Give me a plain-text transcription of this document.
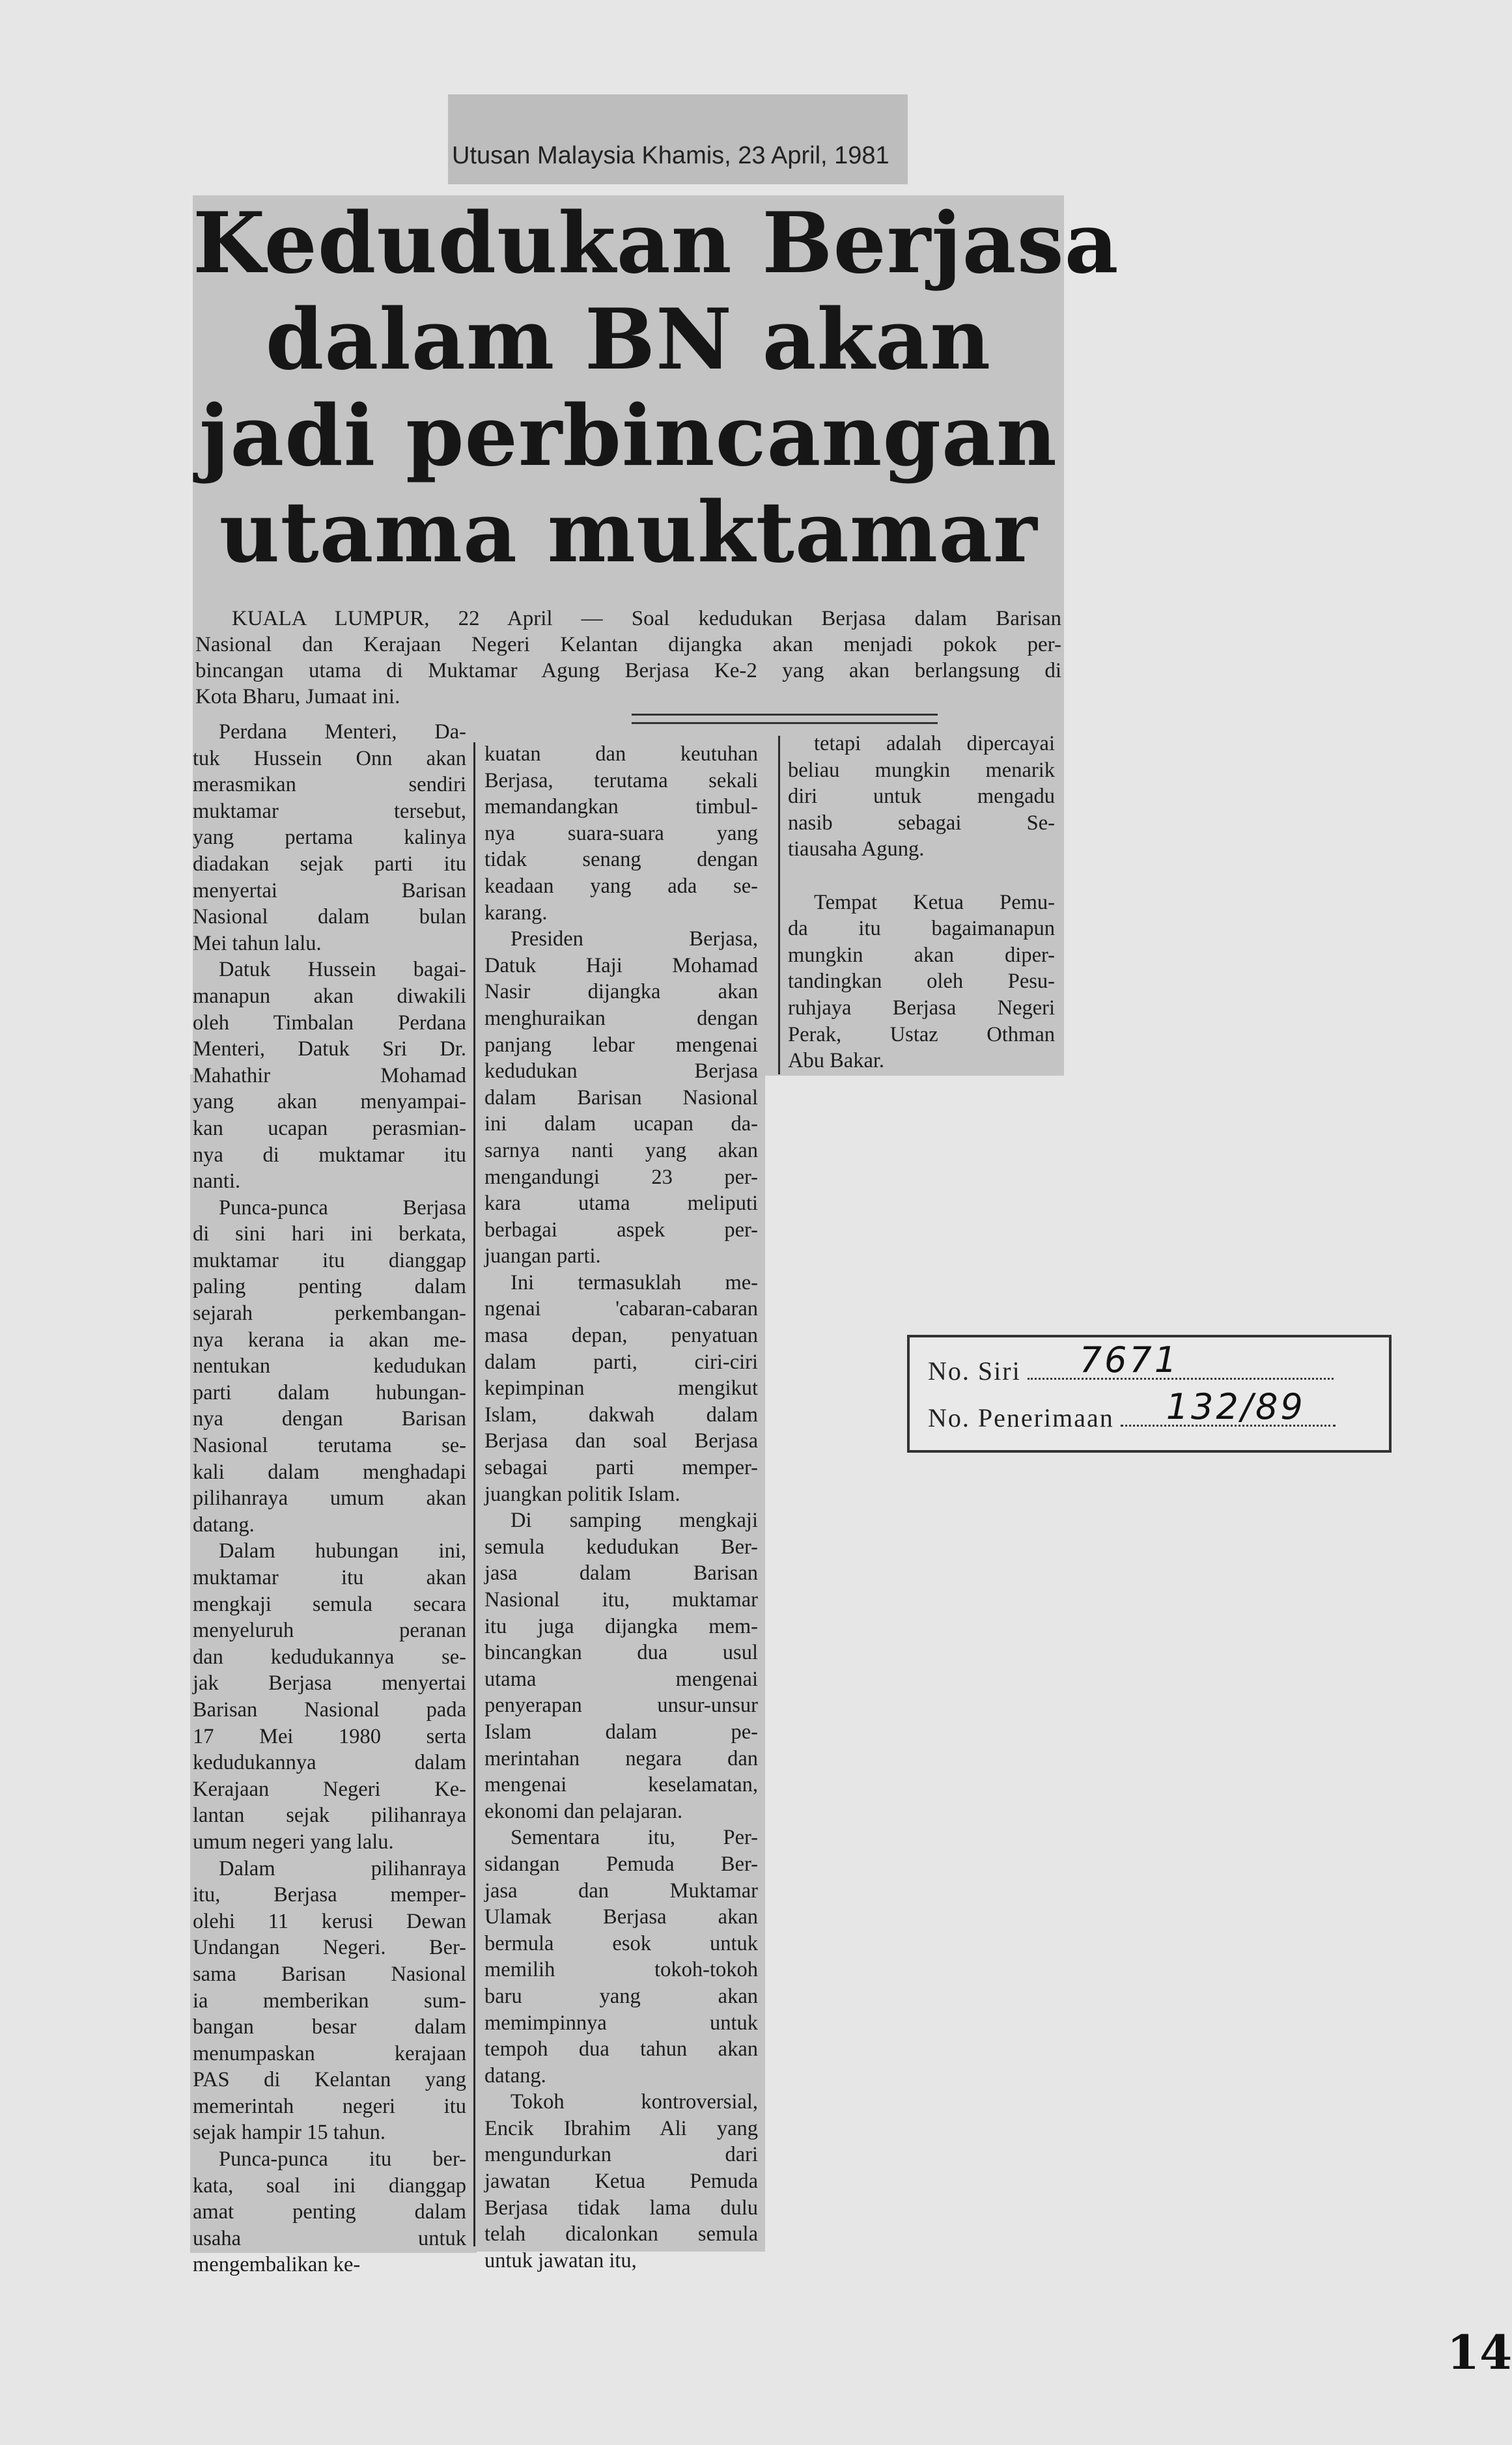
Utusan Malaysia Khamis, 23 April, 1981
Kedudukan Berjasa
dalam BN akan
jadi perbincangan
utama muktamar
KUALA LUMPUR, 22 April — Soal kedudukan Berjasa dalam Barisan
Nasional dan Kerajaan Negeri Kelantan dijangka akan menjadi pokok per-
bincangan utama di Muktamar Agung Berjasa Ke-2 yang akan berlangsung di
Kota Bharu, Jumaat ini.
Perdana Menteri, Da-
tuk Hussein Onn akan
merasmikan sendiri
muktamar tersebut,
yang pertama kalinya
diadakan sejak parti itu
menyertai Barisan
Nasional dalam bulan
Mei tahun lalu.
Datuk Hussein bagai-
manapun akan diwakili
oleh Timbalan Perdana
Menteri, Datuk Sri Dr.
Mahathir Mohamad
yang akan menyampai-
kan ucapan perasmian-
nya di muktamar itu
nanti.
Punca-punca Berjasa
di sini hari ini berkata,
muktamar itu dianggap
paling penting dalam
sejarah perkembangan-
nya kerana ia akan me-
nentukan kedudukan
parti dalam hubungan-
nya dengan Barisan
Nasional terutama se-
kali dalam menghadapi
pilihanraya umum akan
datang.
Dalam hubungan ini,
muktamar itu akan
mengkaji semula secara
menyeluruh peranan
dan kedudukannya se-
jak Berjasa menyertai
Barisan Nasional pada
17 Mei 1980 serta
kedudukannya dalam
Kerajaan Negeri Ke-
lantan sejak pilihanraya
umum negeri yang lalu.
Dalam pilihanraya
itu, Berjasa memper-
olehi 11 kerusi Dewan
Undangan Negeri. Ber-
sama Barisan Nasional
ia memberikan sum-
bangan besar dalam
menumpaskan kerajaan
PAS di Kelantan yang
memerintah negeri itu
sejak hampir 15 tahun.
Punca-punca itu ber-
kata, soal ini dianggap
amat penting dalam
usaha untuk
mengembalikan ke-
kuatan dan keutuhan
Berjasa, terutama sekali
memandangkan timbul-
nya suara-suara yang
tidak senang dengan
keadaan yang ada se-
karang.
Presiden Berjasa,
Datuk Haji Mohamad
Nasir dijangka akan
menghuraikan dengan
panjang lebar mengenai
kedudukan Berjasa
dalam Barisan Nasional
ini dalam ucapan da-
sarnya nanti yang akan
mengandungi 23 per-
kara utama meliputi
berbagai aspek per-
juangan parti.
Ini termasuklah me-
ngenai 'cabaran-cabaran
masa depan, penyatuan
dalam parti, ciri-ciri
kepimpinan mengikut
Islam, dakwah dalam
Berjasa dan soal Berjasa
sebagai parti memper-
juangkan politik Islam.
Di samping mengkaji
semula kedudukan Ber-
jasa dalam Barisan
Nasional itu, muktamar
itu juga dijangka mem-
bincangkan dua usul
utama mengenai
penyerapan unsur-unsur
Islam dalam pe-
merintahan negara dan
mengenai keselamatan,
ekonomi dan pelajaran.
Sementara itu, Per-
sidangan Pemuda Ber-
jasa dan Muktamar
Ulamak Berjasa akan
bermula esok untuk
memilih tokoh-tokoh
baru yang akan
memimpinnya untuk
tempoh dua tahun akan
datang.
Tokoh kontroversial,
Encik Ibrahim Ali yang
mengundurkan dari
jawatan Ketua Pemuda
Berjasa tidak lama dulu
telah dicalonkan semula
untuk jawatan itu,
tetapi adalah dipercayai
beliau mungkin menarik
diri untuk mengadu
nasib sebagai Se-
tiausaha Agung.

Tempat Ketua Pemu-
da itu bagaimanapun
mungkin akan diper-
tandingkan oleh Pesu-
ruhjaya Berjasa Negeri
Perak, Ustaz Othman
Abu Bakar.
No. Siri 7671
No. Penerimaan 132/89
14
